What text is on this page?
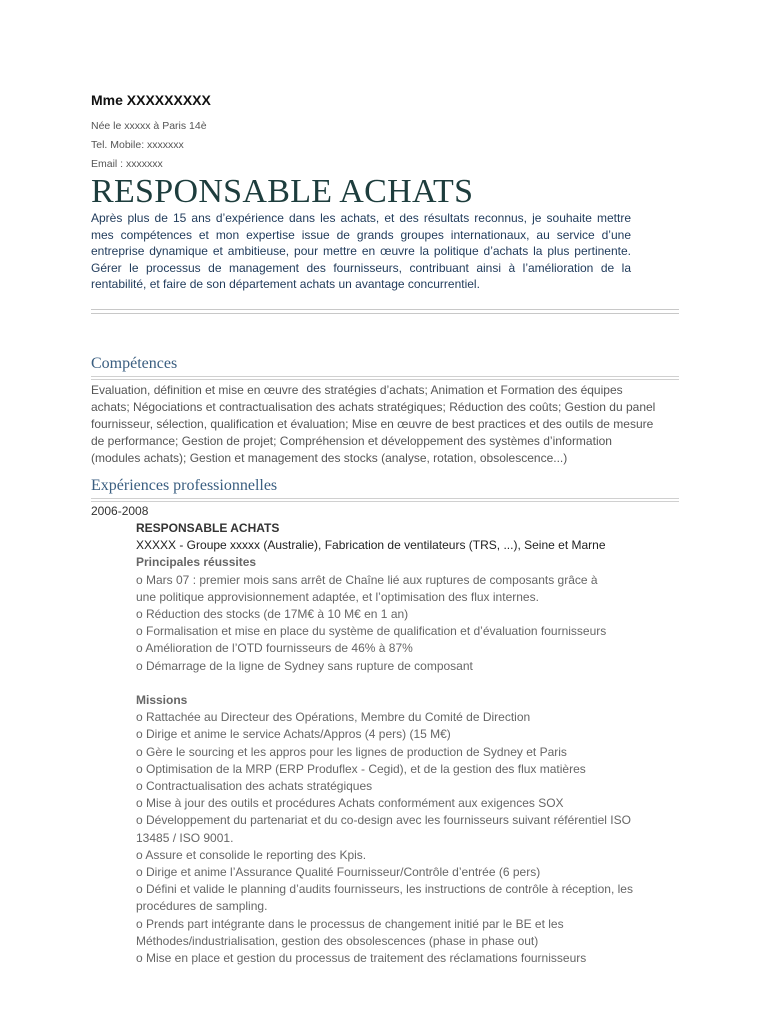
Mme XXXXXXXXX
Née le xxxxx à Paris 14è
Tel. Mobile: xxxxxxx
Email : xxxxxxx
RESPONSABLE ACHATS
Après plus de 15 ans d’expérience dans les achats, et des résultats reconnus, je souhaite mettre
mes compétences et mon expertise issue de grands groupes internationaux, au service d’une
entreprise dynamique et ambitieuse, pour mettre en œuvre la politique d’achats la plus pertinente.
Gérer le processus de management des fournisseurs, contribuant ainsi à l’amélioration de la
rentabilité, et faire de son département achats un avantage concurrentiel.
Compétences
Evaluation, définition et mise en œuvre des stratégies d’achats; Animation et Formation des équipes
achats; Négociations et contractualisation des achats stratégiques; Réduction des coûts; Gestion du panel
fournisseur, sélection, qualification et évaluation; Mise en œuvre de best practices et des outils de mesure
de performance; Gestion de projet; Compréhension et développement des systèmes d’information
(modules achats); Gestion et management des stocks (analyse, rotation, obsolescence...)
Expériences professionnelles
2006-2008
RESPONSABLE ACHATS
XXXXX - Groupe xxxxx (Australie), Fabrication de ventilateurs (TRS, ...), Seine et Marne
Principales réussites
o Mars 07 : premier mois sans arrêt de Chaîne lié aux ruptures de composants grâce à
une politique approvisionnement adaptée, et l’optimisation des flux internes.
o Réduction des stocks (de 17M€ à 10 M€ en 1 an)
o Formalisation et mise en place du système de qualification et d’évaluation fournisseurs
o Amélioration de l’OTD fournisseurs de 46% à 87%
o Démarrage de la ligne de Sydney sans rupture de composant
Missions
o Rattachée au Directeur des Opérations, Membre du Comité de Direction
o Dirige et anime le service Achats/Appros (4 pers) (15 M€)
o Gère le sourcing et les appros pour les lignes de production de Sydney et Paris
o Optimisation de la MRP (ERP Produflex - Cegid), et de la gestion des flux matières
o Contractualisation des achats stratégiques
o Mise à jour des outils et procédures Achats conformément aux exigences SOX
o Développement du partenariat et du co-design avec les fournisseurs suivant référentiel ISO
13485 / ISO 9001.
o Assure et consolide le reporting des Kpis.
o Dirige et anime l’Assurance Qualité Fournisseur/Contrôle d’entrée (6 pers)
o Défini et valide le planning d’audits fournisseurs, les instructions de contrôle à réception, les
procédures de sampling.
o Prends part intégrante dans le processus de changement initié par le BE et les
Méthodes/industrialisation, gestion des obsolescences (phase in phase out)
o Mise en place et gestion du processus de traitement des réclamations fournisseurs
